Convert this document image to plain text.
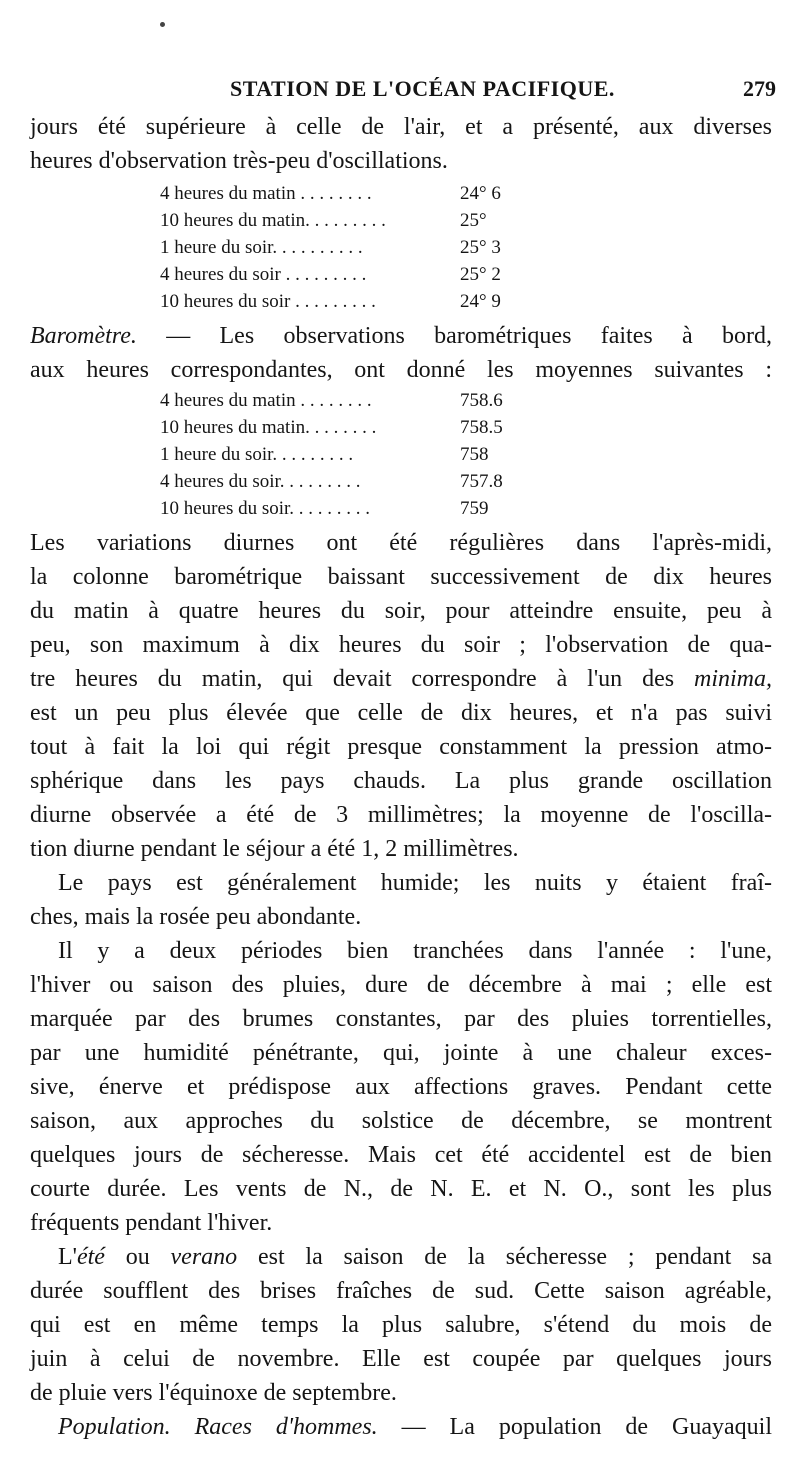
STATION DE L'OCÉAN PACIFIQUE.	279
jours été supérieure à celle de l'air, et a présenté, aux diverses
heures d'observation très-peu d'oscillations.
4 heures du matin . . . . . . . .	24° 6
10 heures du matin. . . . . . . . .	25°
1 heure du soir. . . . . . . . . .	25° 3
4 heures du soir . . . . . . . . .	25° 2
10 heures du soir . . . . . . . . .	24° 9
Baromètre. — Les observations barométriques faites à bord,
aux heures correspondantes, ont donné les moyennes suivantes :
4 heures du matin . . . . . . . .	758.6
10 heures du matin. . . . . . . .	758.5
1 heure du soir. . . . . . . . .	758
4 heures du soir. . . . . . . . .	757.8
10 heures du soir. . . . . . . . .	759
Les variations diurnes ont été régulières dans l'après-midi,
la colonne barométrique baissant successivement de dix heures
du matin à quatre heures du soir, pour atteindre ensuite, peu à
peu, son maximum à dix heures du soir ; l'observation de qua-
tre heures du matin, qui devait correspondre à l'un des minima,
est un peu plus élevée que celle de dix heures, et n'a pas suivi
tout à fait la loi qui régit presque constamment la pression atmo-
sphérique dans les pays chauds. La plus grande oscillation
diurne observée a été de 3 millimètres; la moyenne de l'oscilla-
tion diurne pendant le séjour a été 1, 2 millimètres.
Le pays est généralement humide; les nuits y étaient fraî-
ches, mais la rosée peu abondante.
Il y a deux périodes bien tranchées dans l'année : l'une,
l'hiver ou saison des pluies, dure de décembre à mai ; elle est
marquée par des brumes constantes, par des pluies torrentielles,
par une humidité pénétrante, qui, jointe à une chaleur exces-
sive, énerve et prédispose aux affections graves. Pendant cette
saison, aux approches du solstice de décembre, se montrent
quelques jours de sécheresse. Mais cet été accidentel est de bien
courte durée. Les vents de N., de N. E. et N. O., sont les plus
fréquents pendant l'hiver.
L'été ou verano est la saison de la sécheresse ; pendant sa
durée soufflent des brises fraîches de sud. Cette saison agréable,
qui est en même temps la plus salubre, s'étend du mois de
juin à celui de novembre. Elle est coupée par quelques jours
de pluie vers l'équinoxe de septembre.
Population. Races d'hommes. — La population de Guayaquil
